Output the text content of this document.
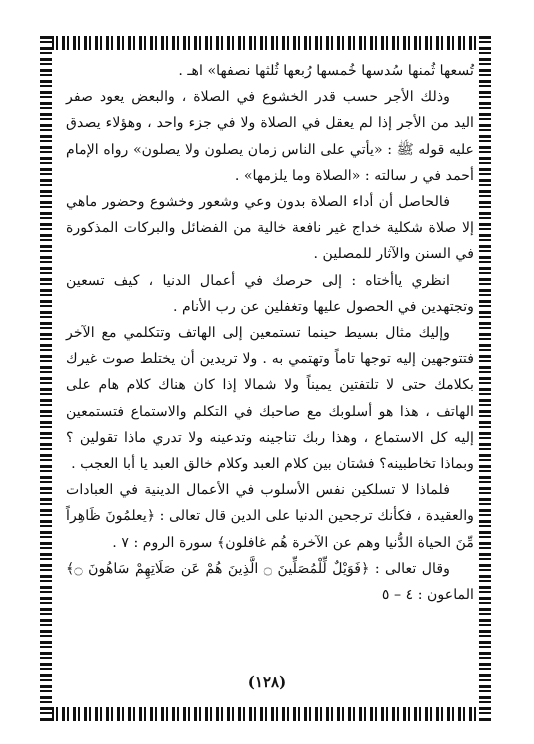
تُسعها ثُمنها سُدسها خُمسها رُبعها ثُلثها نصفها» اهـ .

وذلك الأجر حسب قدر الخشوع في الصلاة ، والبعض يعود صفر اليد من الأجر إذا لم يعقل في الصلاة ولا في جزء واحد ، وهؤلاء يصدق عليه قوله ﷺ : «يأتي على الناس زمان يصلون ولا يصلون» رواه الإمام أحمد في ر سالته : «الصلاة وما يلزمها» .

فالحاصل أن أداء الصلاة بدون وعي وشعور وخشوع وحضور ماهي إلا صلاة شكلية خداج غير نافعة خالية من الفضائل والبركات المذكورة في السنن والآثار للمصلين .

انظري ياأختاه : إلى حرصك في أعمال الدنيا ، كيف تسعين وتجتهدين في الحصول عليها وتغفلين عن رب الأنام .

وإليك مثال بسيط حينما تستمعين إلى الهاتف وتتكلمي مع الآخر فتتوجهين إليه توجها تاماً وتهتمي به . ولا تريدين أن يختلط صوت غيرك بكلامك حتى لا تلتفتين يميناً ولا شمالا إذا كان هناك كلام هام على الهاتف ، هذا هو أسلوبك مع صاحبك في التكلم والاستماع فتستمعين إليه كل الاستماع ، وهذا ربك تناجينه وتدعينه ولا تدري ماذا تقولين ؟ وبماذا تخاطبينه؟ فشتان بين كلام العبد وكلام خالق العبد يا أبا العجب .

فلماذا لا تسلكين نفس الأسلوب في الأعمال الدينية في العبادات والعقيدة ، فكأنك ترجحين الدنيا على الدين قال تعالى : ﴿يعلمُونَ ظَاهِراً مِّنَ الحياة الدُّنيا وهم عن الآخرة هُم غافلون﴾ سورة الروم : ٧ .

وقال تعالى : ﴿فَوَيْلٌ لِّلْمُصَلِّينَ ۝ الَّذِينَ هُمْ عَن صَلَاتِهِمْ سَاهُونَ ۝﴾ الماعون : ٤ – ٥

(١٢٨)
